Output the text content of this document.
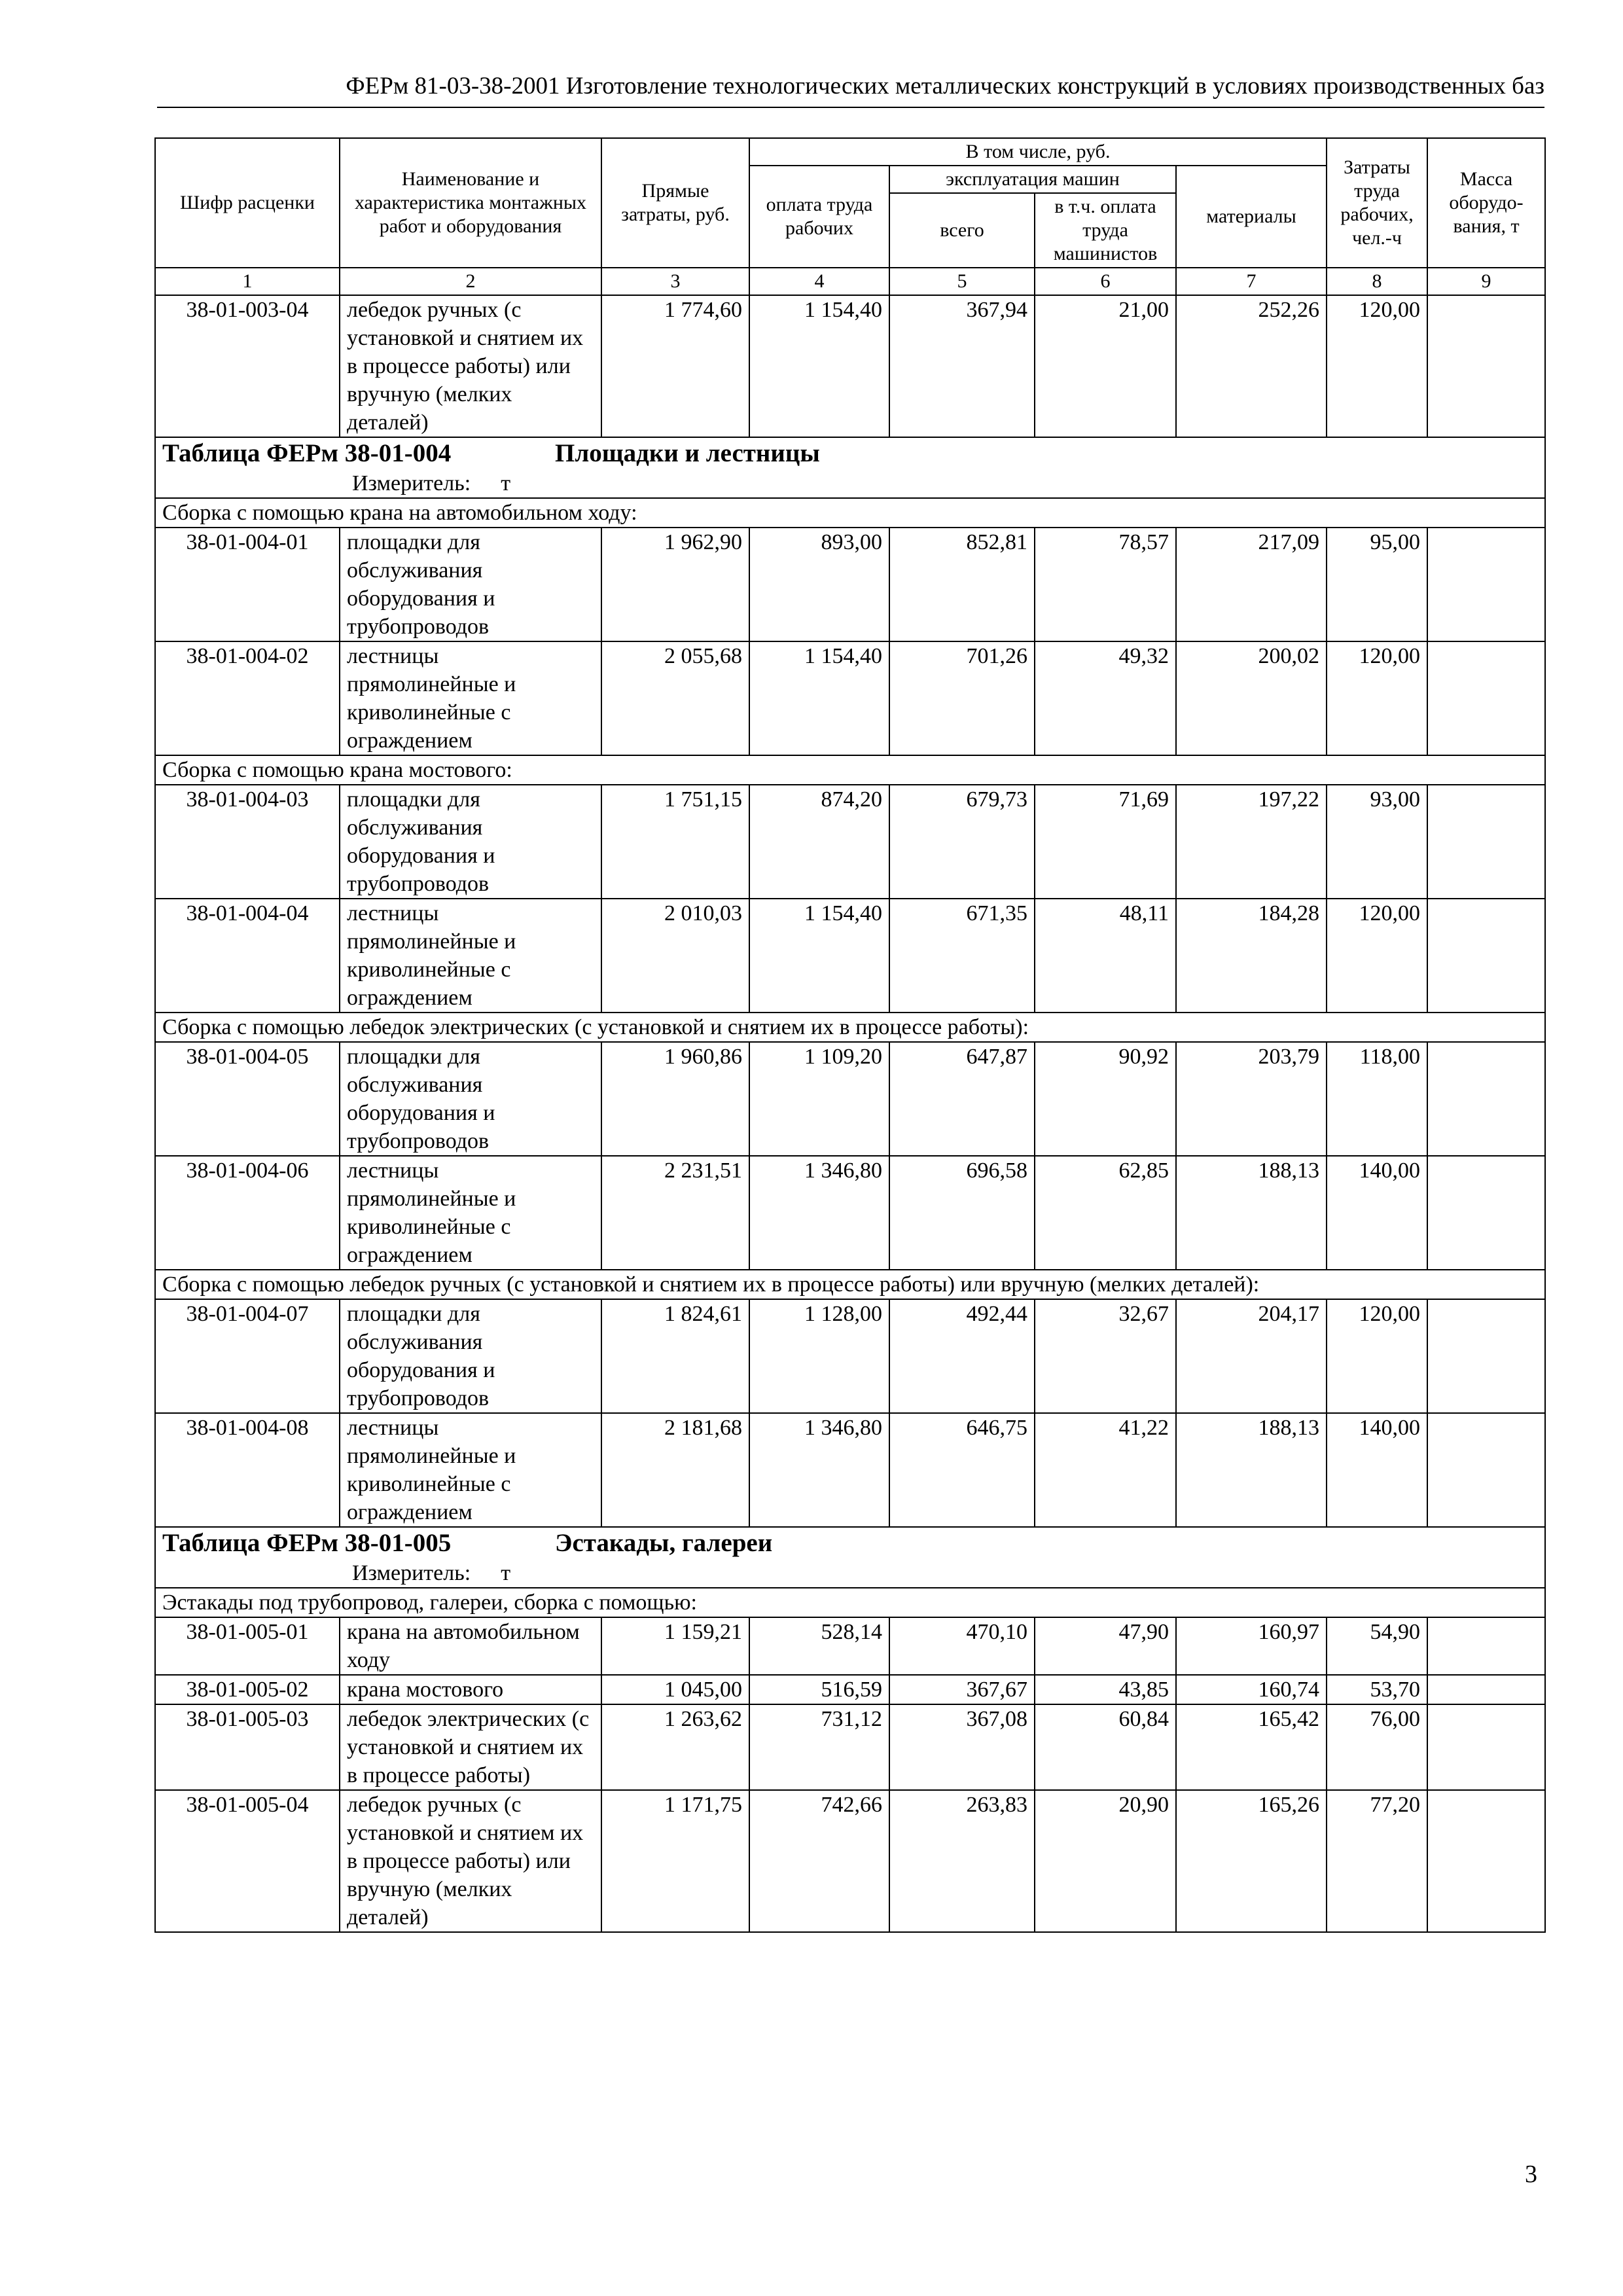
ФЕРм 81-03-38-2001 Изготовление технологических металлических конструкций в условиях производственных баз
Шифр расценки	Наименование и характеристика монтажных работ и оборудования	Прямые затраты, руб.	В том числе, руб.				Затраты труда рабочих, чел.-ч	Масса оборудо-вания, т
			оплата труда рабочих	эксплуатация машин		материалы		
				всего	в т.ч. оплата труда машинистов			
1	2	3	4	5	6	7	8	9
38-01-003-04	лебедок ручных (с установкой и снятием их в процессе работы) или вручную (мелких деталей)	1 774,60	1 154,40	367,94	21,00	252,26	120,00	
Таблица ФЕРм 38-01-004 Площадки и лестницы								
Измеритель: т								
Сборка с помощью крана на автомобильном ходу:								
38-01-004-01	площадки для обслуживания оборудования и трубопроводов	1 962,90	893,00	852,81	78,57	217,09	95,00	
38-01-004-02	лестницы прямолинейные и криволинейные с ограждением	2 055,68	1 154,40	701,26	49,32	200,02	120,00	
Сборка с помощью крана мостового:								
38-01-004-03	площадки для обслуживания оборудования и трубопроводов	1 751,15	874,20	679,73	71,69	197,22	93,00	
38-01-004-04	лестницы прямолинейные и криволинейные с ограждением	2 010,03	1 154,40	671,35	48,11	184,28	120,00	
Сборка с помощью лебедок электрических (с установкой и снятием их в процессе работы):								
38-01-004-05	площадки для обслуживания оборудования и трубопроводов	1 960,86	1 109,20	647,87	90,92	203,79	118,00	
38-01-004-06	лестницы прямолинейные и криволинейные с ограждением	2 231,51	1 346,80	696,58	62,85	188,13	140,00	
Сборка с помощью лебедок ручных (с установкой и снятием их в процессе работы) или вручную (мелких деталей):								
38-01-004-07	площадки для обслуживания оборудования и трубопроводов	1 824,61	1 128,00	492,44	32,67	204,17	120,00	
38-01-004-08	лестницы прямолинейные и криволинейные с ограждением	2 181,68	1 346,80	646,75	41,22	188,13	140,00	
Таблица ФЕРм 38-01-005 Эстакады, галереи								
Измеритель: т								
Эстакады под трубопровод, галереи, сборка с помощью:								
38-01-005-01	крана на автомобильном ходу	1 159,21	528,14	470,10	47,90	160,97	54,90	
38-01-005-02	крана мостового	1 045,00	516,59	367,67	43,85	160,74	53,70	
38-01-005-03	лебедок электрических (с установкой и снятием их в процессе работы)	1 263,62	731,12	367,08	60,84	165,42	76,00	
38-01-005-04	лебедок ручных (с установкой и снятием их в процессе работы) или вручную (мелких деталей)	1 171,75	742,66	263,83	20,90	165,26	77,20	
3
